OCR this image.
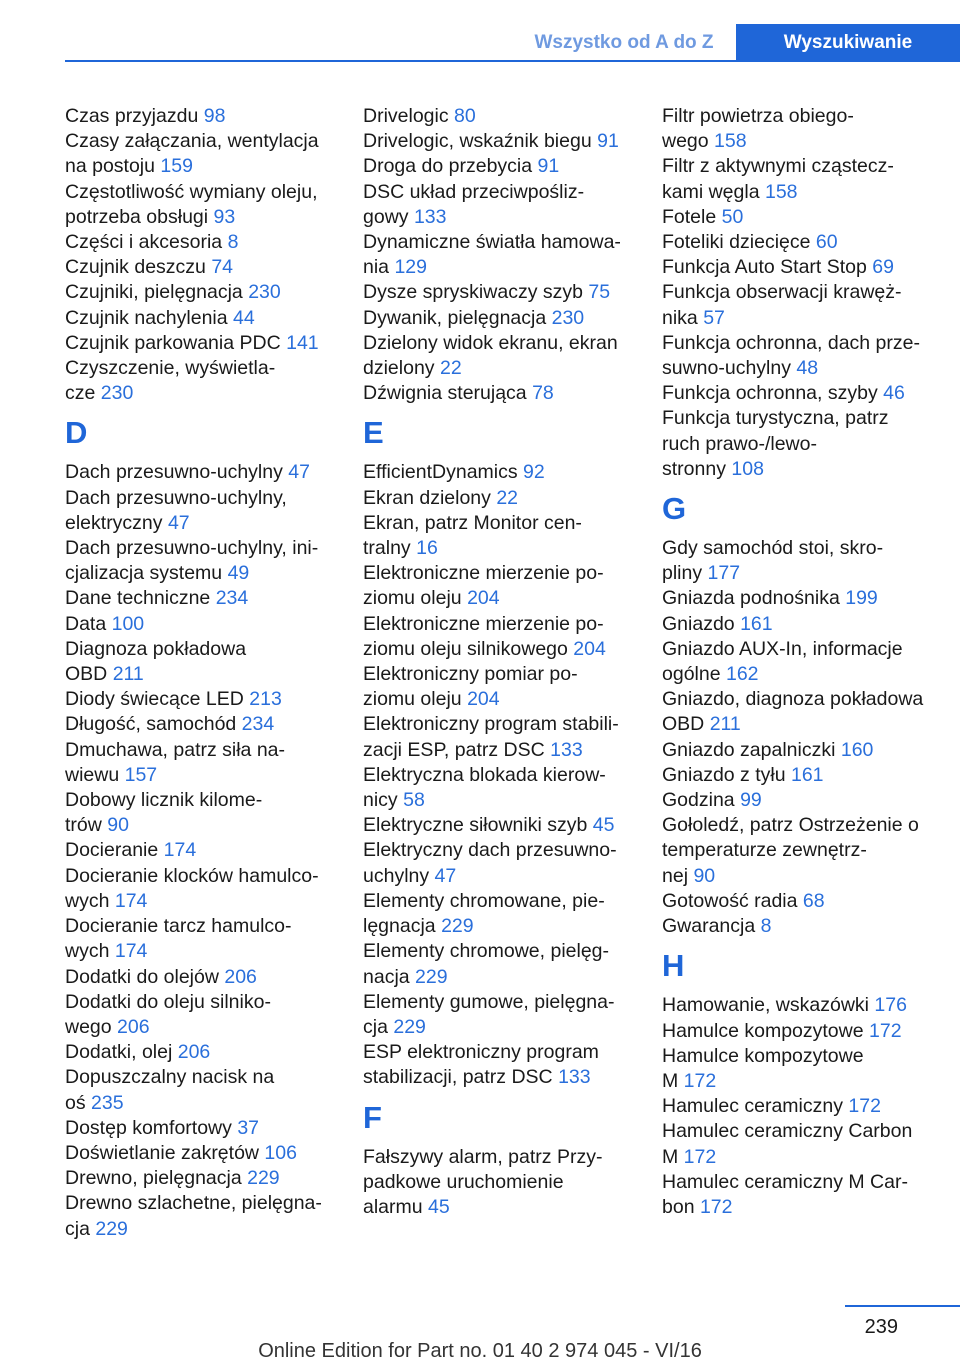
Wszystko od A do Z	Wyszukiwanie
Czas przyjazdu 98
Czasy załączania, wentylacja
na postoju 159
Częstotliwość wymiany oleju,
potrzeba obsługi 93
Części i akcesoria 8
Czujnik deszczu 74
Czujniki, pielęgnacja 230
Czujnik nachylenia 44
Czujnik parkowania PDC 141
Czyszczenie, wyświetla-
cze 230
D
Dach przesuwno-uchylny 47
Dach przesuwno-uchylny,
elektryczny 47
Dach przesuwno-uchylny, ini-
cjalizacja systemu 49
Dane techniczne 234
Data 100
Diagnoza pokładowa
OBD 211
Diody świecące LED 213
Długość, samochód 234
Dmuchawa, patrz siła na-
wiewu 157
Dobowy licznik kilome-
trów 90
Docieranie 174
Docieranie klocków hamulco-
wych 174
Docieranie tarcz hamulco-
wych 174
Dodatki do olejów 206
Dodatki do oleju silniko-
wego 206
Dodatki, olej 206
Dopuszczalny nacisk na
oś 235
Dostęp komfortowy 37
Doświetlanie zakrętów 106
Drewno, pielęgnacja 229
Drewno szlachetne, pielęgna-
cja 229
Drivelogic 80
Drivelogic, wskaźnik biegu 91
Droga do przebycia 91
DSC układ przeciwpośliz-
gowy 133
Dynamiczne światła hamowa-
nia 129
Dysze spryskiwaczy szyb 75
Dywanik, pielęgnacja 230
Dzielony widok ekranu, ekran
dzielony 22
Dźwignia sterująca 78
E
EfficientDynamics 92
Ekran dzielony 22
Ekran, patrz Monitor cen-
tralny 16
Elektroniczne mierzenie po-
ziomu oleju 204
Elektroniczne mierzenie po-
ziomu oleju silnikowego 204
Elektroniczny pomiar po-
ziomu oleju 204
Elektroniczny program stabili-
zacji ESP, patrz DSC 133
Elektryczna blokada kierow-
nicy 58
Elektryczne siłowniki szyb 45
Elektryczny dach przesuwno-
uchylny 47
Elementy chromowane, pie-
lęgnacja 229
Elementy chromowe, pielęg-
nacja 229
Elementy gumowe, pielęgna-
cja 229
ESP elektroniczny program
stabilizacji, patrz DSC 133
F
Fałszywy alarm, patrz Przy-
padkowe uruchomienie
alarmu 45
Filtr powietrza obiego-
wego 158
Filtr z aktywnymi cząstecz-
kami węgla 158
Fotele 50
Foteliki dziecięce 60
Funkcja Auto Start Stop 69
Funkcja obserwacji krawęż-
nika 57
Funkcja ochronna, dach prze-
suwno-uchylny 48
Funkcja ochronna, szyby 46
Funkcja turystyczna, patrz
ruch prawo-/lewo-
stronny 108
G
Gdy samochód stoi, skro-
pliny 177
Gniazda podnośnika 199
Gniazdo 161
Gniazdo AUX-In, informacje
ogólne 162
Gniazdo, diagnoza pokładowa
OBD 211
Gniazdo zapalniczki 160
Gniazdo z tyłu 161
Godzina 99
Gołoledź, patrz Ostrzeżenie o
temperaturze zewnętrz-
nej 90
Gotowość radia 68
Gwarancja 8
H
Hamowanie, wskazówki 176
Hamulce kompozytowe 172
Hamulce kompozytowe
M 172
Hamulec ceramiczny 172
Hamulec ceramiczny Carbon
M 172
Hamulec ceramiczny M Car-
bon 172
239
Online Edition for Part no. 01 40 2 974 045 - VI/16
